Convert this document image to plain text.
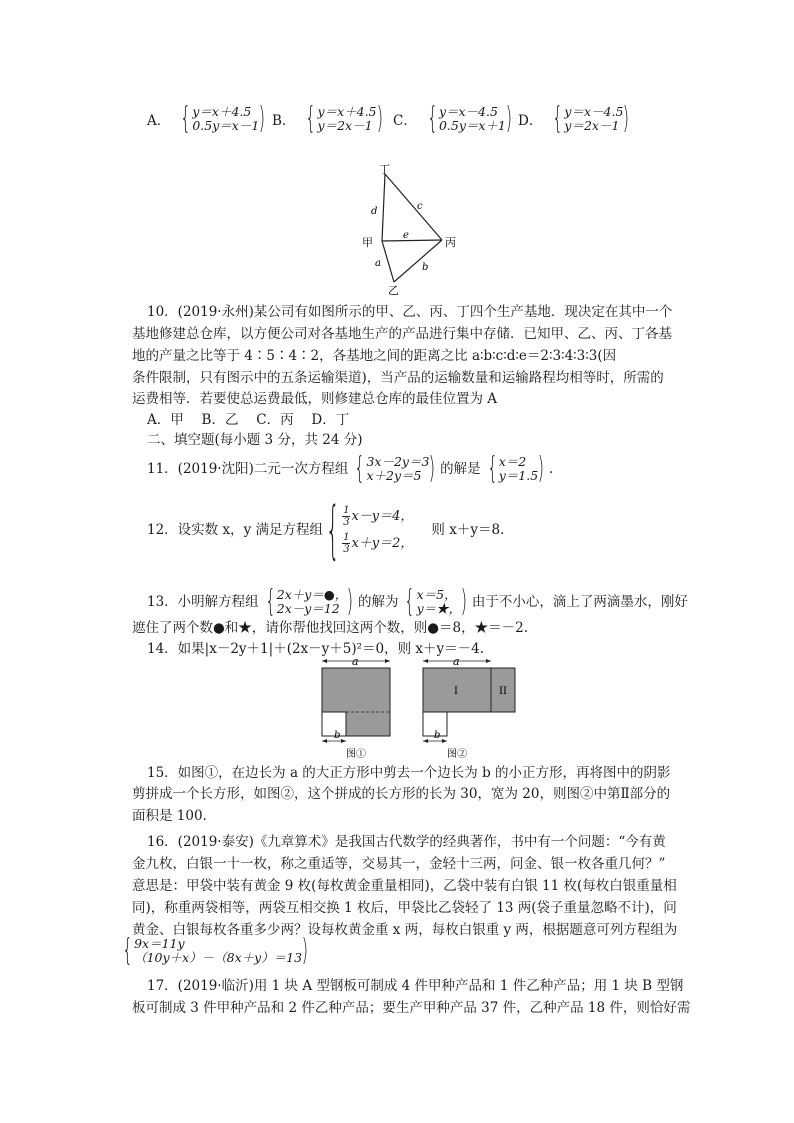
A． { y＝x＋4.5
0.5y＝x－1 ) B． { y＝x＋4.5
y＝2x－1 ) C． { y＝x－4.5
0.5y＝x＋1 ) D． { y＝x－4.5
y＝2x－1 )
丁
甲	丙
乙
d	c
e
a	b
10．(2019·永州)某公司有如图所示的甲、乙、丙、丁四个生产基地．现决定在其中一个
基地修建总仓库，以方便公司对各基地生产的产品进行集中存储．已知甲、乙、丙、丁各基
地的产量之比等于 4∶5∶4∶2，各基地之间的距离之比 a∶b∶c∶d∶e＝2∶3∶4∶3∶3(因
条件限制，只有图示中的五条运输渠道)，当产品的运输数量和运输路程均相等时，所需的
运费相等．若要使总运费最低，则修建总仓库的最佳位置为 A
A．甲　 B．乙　 C．丙　 D．丁
二、填空题(每小题 3 分，共 24 分)
11．(2019·沈阳)二元一次方程组 { 3x－2y＝3
x＋2y＝5 ) 的解是 { x＝2
y＝1.5 ) .
12．设实数 x，y 满足方程组 { $\frac{1}{3} x-y=4$，
$\frac{1}{3} x+y=2$，
则 x＋y＝8.
13．小明解方程组 { 2x＋y＝●，
2x－y＝12 ) 的解为 { x＝5，
y＝★， ) 由于不小心，滴上了两滴墨水，刚好
遮住了两个数●和★，请你帮他找回这两个数，则●＝8，★＝－2.
14．如果|x－2y＋1|＋(2x－y＋5)²＝0，则 x＋y＝－4.
a
b
图①
a
I	II
b
图②
15．如图①，在边长为 a 的大正方形中剪去一个边长为 b 的小正方形，再将图中的阴影
剪拼成一个长方形，如图②，这个拼成的长方形的长为 30，宽为 20，则图②中第Ⅱ部分的
面积是 100.
16．(2019·泰安)《九章算术》是我国古代数学的经典著作，书中有一个问题：“今有黄
金九枚，白银一十一枚，称之重适等，交易其一，金轻十三两，问金、银一枚各重几何？”
意思是：甲袋中装有黄金 9 枚(每枚黄金重量相同)，乙袋中装有白银 11 枚(每枚白银重量相
同)，称重两袋相等，两袋互相交换 1 枚后，甲袋比乙袋轻了 13 两(袋子重量忽略不计)，问
黄金、白银每枚各重多少两？设每枚黄金重 x 两，每枚白银重 y 两，根据题意可列方程组为
{ 9x＝11y
（10y＋x）－（8x＋y）＝13 )
17．(2019·临沂)用 1 块 A 型钢板可制成 4 件甲种产品和 1 件乙种产品；用 1 块 B 型钢
板可制成 3 件甲种产品和 2 件乙种产品；要生产甲种产品 37 件，乙种产品 18 件，则恰好需
